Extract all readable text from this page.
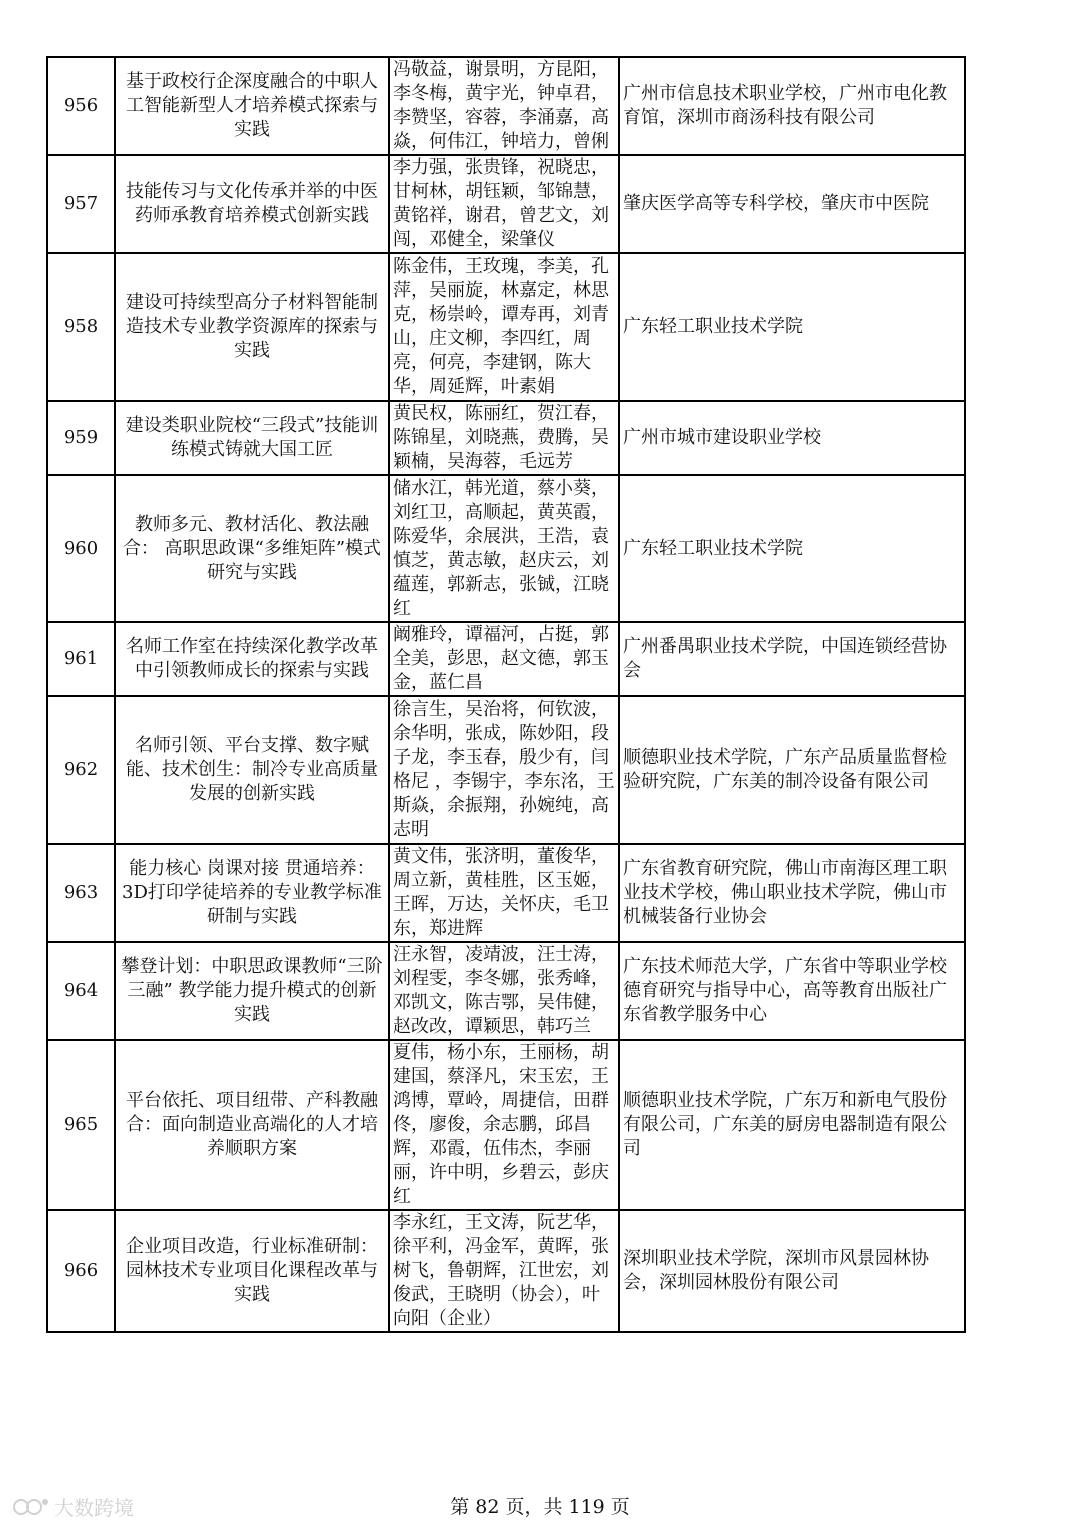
956	基于政校行企深度融合的中职人工智能新型人才培养模式探索与实践	冯敬益，谢景明，方昆阳，李冬梅，黄宇光，钟卓君，李赞坚，容蓉，李涌嘉，高焱，何伟江，钟培力，曾俐	广州市信息技术职业学校，广州市电化教育馆，深圳市商汤科技有限公司
957	技能传习与文化传承并举的中医药师承教育培养模式创新实践	李力强，张贵锋，祝晓忠，甘柯林，胡钰颖，邹锦慧，黄铭祥，谢君，曾艺文，刘闯，邓健全，梁肇仪	肇庆医学高等专科学校，肇庆市中医院
958	建设可持续型高分子材料智能制造技术专业教学资源库的探索与实践	陈金伟，王玫瑰，李美，孔萍，吴丽旋，林嘉定，林思克，杨崇岭，谭寿再，刘青山，庄文柳，李四红，周亮，何亮，李建钢，陈大华，周延辉，叶素娟	广东轻工职业技术学院
959	建设类职业院校“三段式”技能训练模式铸就大国工匠	黄民权，陈丽红，贺江春，陈锦星，刘晓燕，费腾，吴颖楠，吴海蓉，毛远芳	广州市城市建设职业学校
960	教师多元、教材活化、教法融合： 高职思政课“多维矩阵”模式研究与实践	储水江，韩光道，蔡小葵，刘红卫，高顺起，黄英霞，陈爱华，余展洪，王浩，袁慎芝，黄志敏，赵庆云，刘蕴莲，郭新志，张铖，江晓红	广东轻工职业技术学院
961	名师工作室在持续深化教学改革中引领教师成长的探索与实践	阚雅玲，谭福河，占挺，郭全美，彭思，赵文德，郭玉金，蓝仁昌	广州番禺职业技术学院，中国连锁经营协会
962	名师引领、平台支撑、数字赋能、技术创生：制冷专业高质量发展的创新实践	徐言生，吴治将，何钦波，余华明，张成，陈妙阳，段子龙，李玉春，殷少有，闫格尼 ，李锡宇，李东洺，王斯焱，余振翔，孙婉纯，高志明	顺德职业技术学院，广东产品质量监督检验研究院，广东美的制冷设备有限公司
963	能力核心 岗课对接 贯通培养：3D打印学徒培养的专业教学标准研制与实践	黄文伟，张济明，董俊华，周立新，黄桂胜，区玉姬，王晖，万达，关怀庆，毛卫东，郑进辉	广东省教育研究院，佛山市南海区理工职业技术学校，佛山职业技术学院，佛山市机械装备行业协会
964	攀登计划：中职思政课教师“三阶三融” 教学能力提升模式的创新实践	汪永智，凌靖波，汪士涛，刘程雯，李冬娜，张秀峰，邓凯文，陈吉鄂，吴伟健，赵改改，谭颖思，韩巧兰	广东技术师范大学，广东省中等职业学校德育研究与指导中心，高等教育出版社广东省教学服务中心
965	平台依托、项目纽带、产科教融合：面向制造业高端化的人才培养顺职方案	夏伟，杨小东，王丽杨，胡建国，蔡泽凡，宋玉宏，王鸿博，覃岭，周捷信，田群佟，廖俊，余志鹏，邱昌辉，邓霞，伍伟杰，李丽丽，许中明，乡碧云，彭庆红	顺德职业技术学院，广东万和新电气股份有限公司，广东美的厨房电器制造有限公司
966	企业项目改造，行业标准研制：园林技术专业项目化课程改革与实践	李永红，王文涛，阮艺华，徐平利，冯金军，黄晖，张树飞，鲁朝辉，江世宏，刘俊武，王晓明（协会），叶向阳（企业）	深圳职业技术学院，深圳市风景园林协会，深圳园林股份有限公司
第 82 页，共 119 页
大数跨境
